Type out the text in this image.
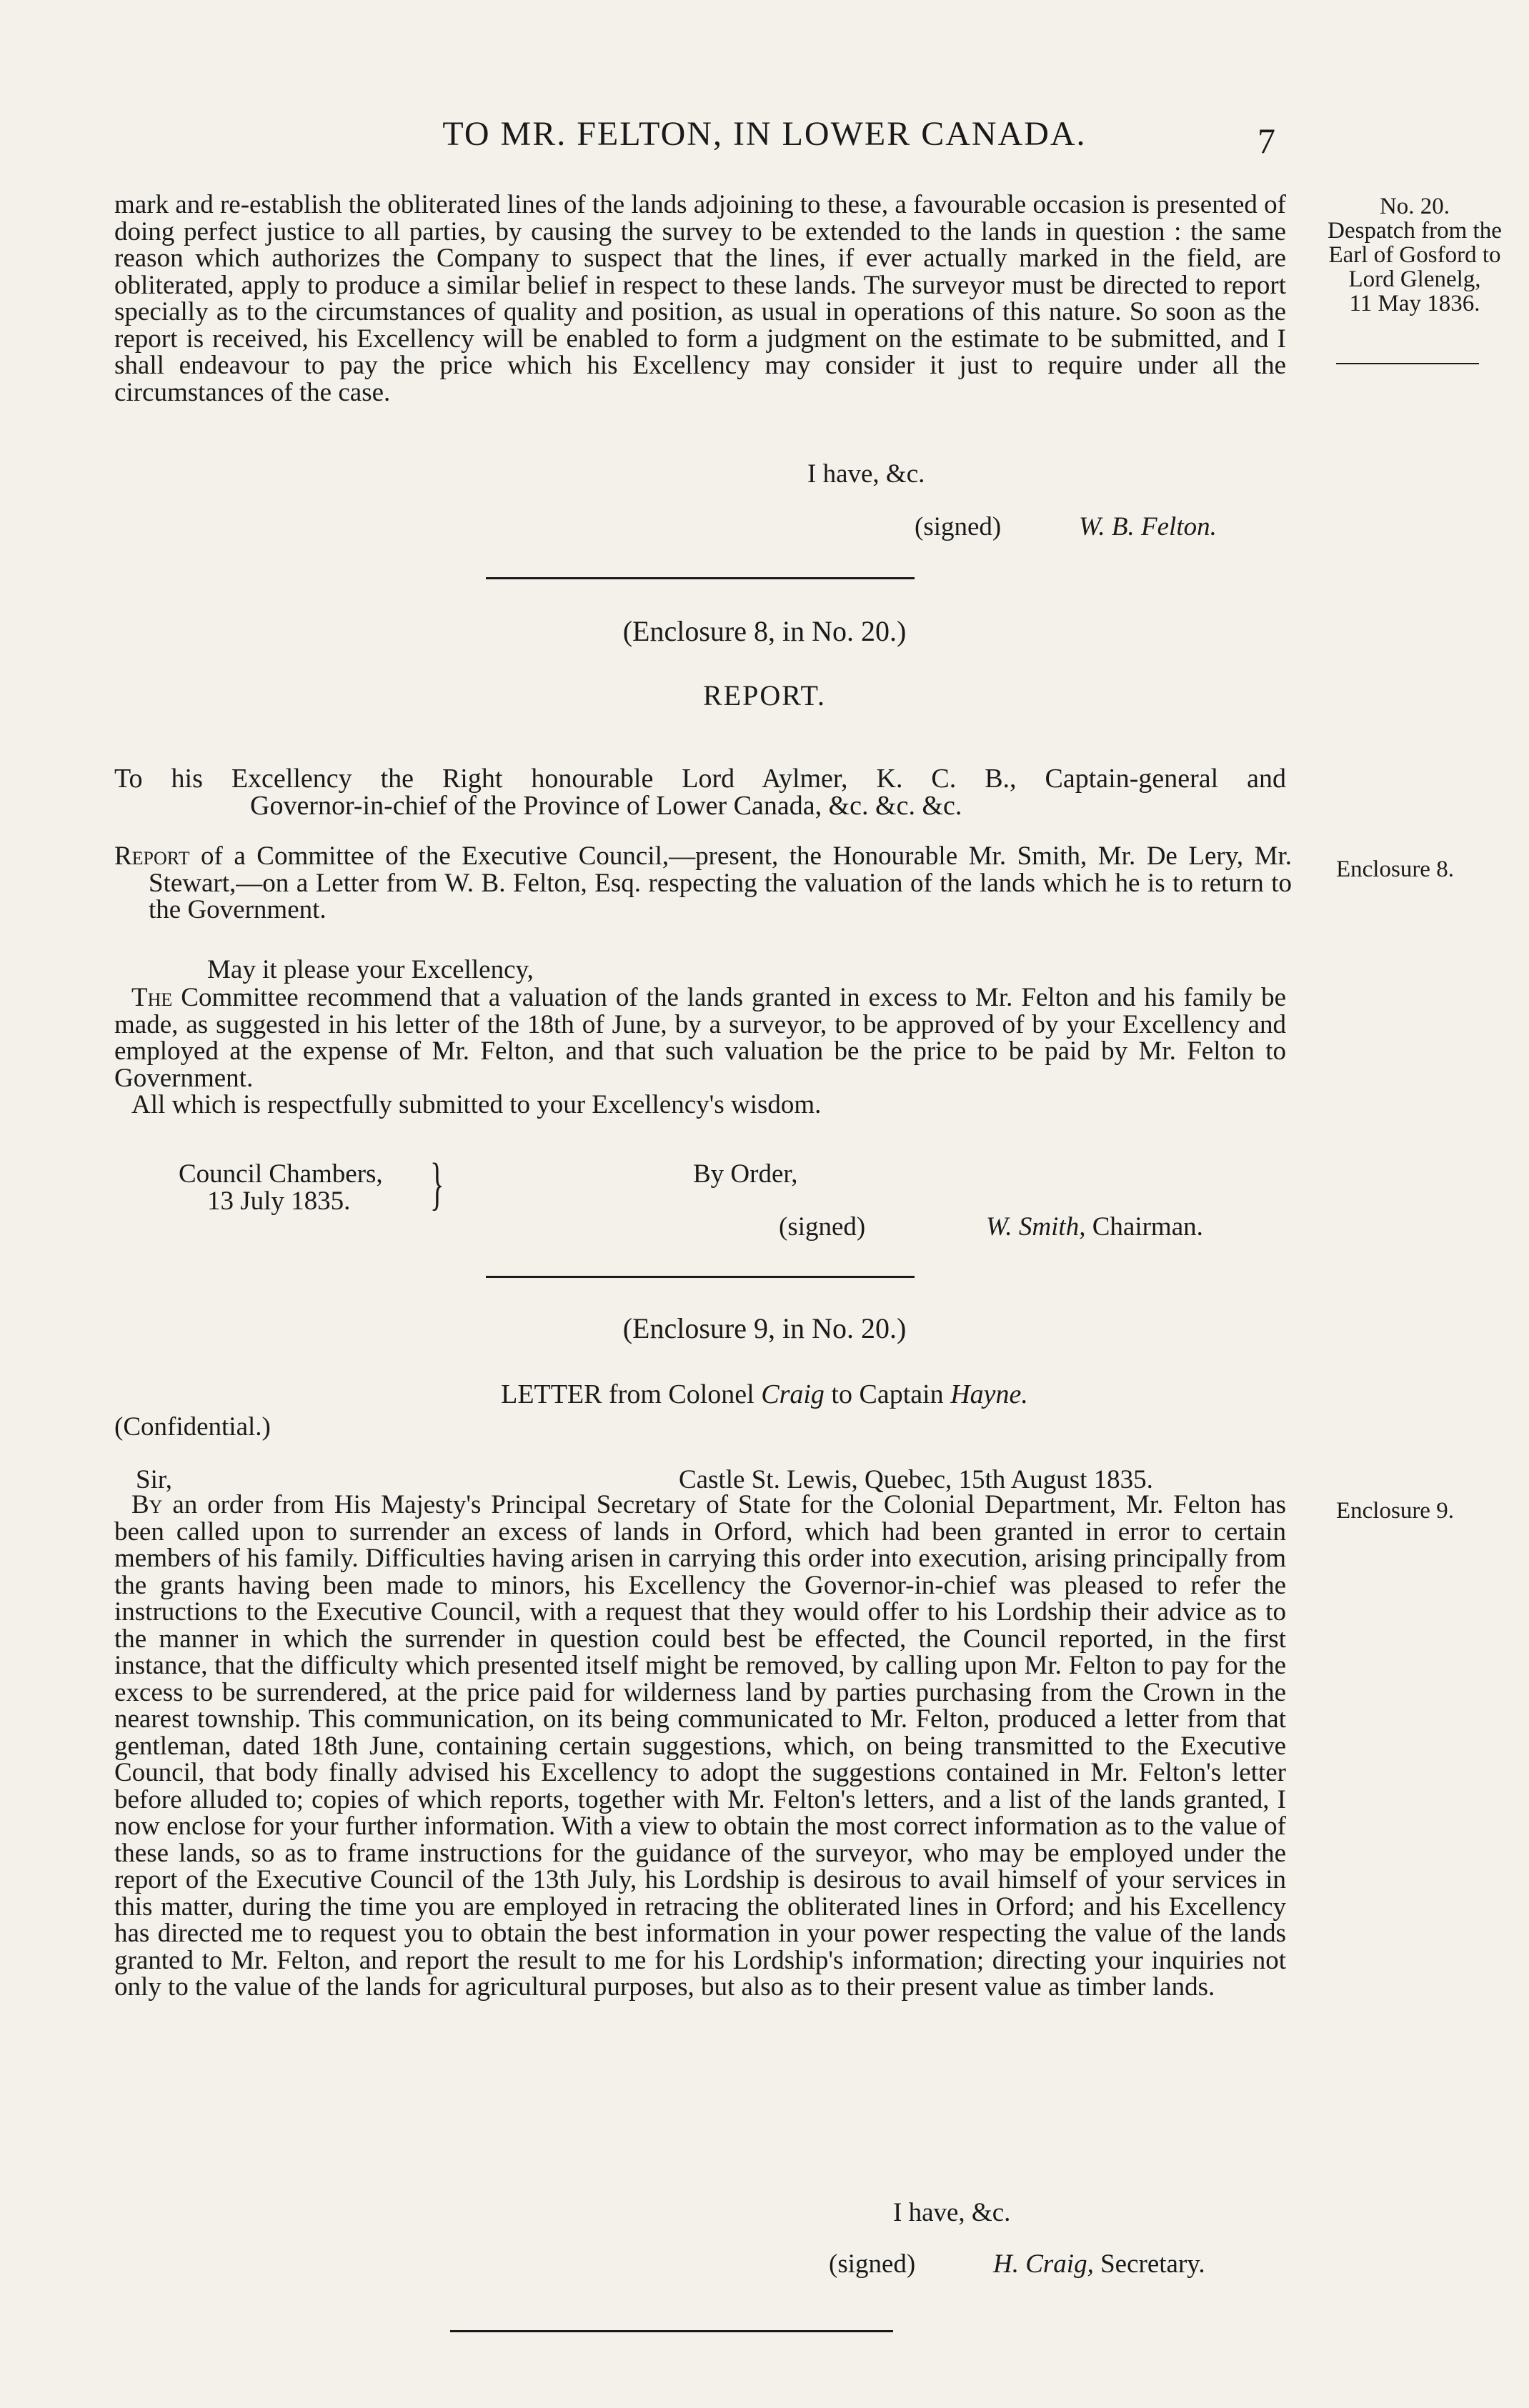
TO MR. FELTON, IN LOWER CANADA.	7
No. 20.
Despatch from the
Earl of Gosford to
Lord Glenelg,
11 May 1836.
Enclosure 8.
Enclosure 9.

mark and re-establish the obliterated lines of the lands adjoining to these, a favourable occasion is presented of doing perfect justice to all parties, by causing the survey to be extended to the lands in question : the same reason which authorizes the Company to suspect that the lines, if ever actually marked in the field, are obliterated, apply to produce a similar belief in respect to these lands. The surveyor must be directed to report specially as to the circumstances of quality and position, as usual in operations of this nature. So soon as the report is received, his Excellency will be enabled to form a judgment on the estimate to be submitted, and I shall endeavour to pay the price which his Excellency may consider it just to require under all the circumstances of the case.

I have, &c.
(signed)	W. B. Felton.
(Enclosure 8, in No. 20.)
REPORT.

To his Excellency the Right honourable Lord Aylmer, K. C. B., Captain-general and

Governor-in-chief of the Province of Lower Canada, &c. &c. &c.

Report of a Committee of the Executive Council,—present, the Honourable Mr. Smith, Mr. De Lery, Mr. Stewart,—on a Letter from W. B. Felton, Esq. respecting the valuation of the lands which he is to return to the Government.
May it please your Excellency,

The Committee recommend that a valuation of the lands granted in excess to Mr. Felton and his family be made, as suggested in his letter of the 18th of June, by a surveyor, to be approved of by your Excellency and employed at the expense of Mr. Felton, and that such valuation be the price to be paid by Mr. Felton to Government.

All which is respectfully submitted to your Excellency's wisdom.

Council Chambers,
13 July 1835. }	By Order,
(signed)	W. Smith, Chairman.
(Enclosure 9, in No. 20.)
LETTER from Colonel Craig to Captain Hayne.
(Confidential.)
Sir,	Castle St. Lewis, Quebec, 15th August 1835.

By an order from His Majesty's Principal Secretary of State for the Colonial Department, Mr. Felton has been called upon to surrender an excess of lands in Orford, which had been granted in error to certain members of his family. Difficulties having arisen in carrying this order into execution, arising principally from the grants having been made to minors, his Excellency the Governor-in-chief was pleased to refer the instructions to the Executive Council, with a request that they would offer to his Lordship their advice as to the manner in which the surrender in question could best be effected, the Council reported, in the first instance, that the difficulty which presented itself might be removed, by calling upon Mr. Felton to pay for the excess to be surrendered, at the price paid for wilderness land by parties purchasing from the Crown in the nearest township. This communication, on its being communicated to Mr. Felton, produced a letter from that gentleman, dated 18th June, containing certain suggestions, which, on being transmitted to the Executive Council, that body finally advised his Excellency to adopt the suggestions contained in Mr. Felton's letter before alluded to; copies of which reports, together with Mr. Felton's letters, and a list of the lands granted, I now enclose for your further information. With a view to obtain the most correct information as to the value of these lands, so as to frame instructions for the guidance of the surveyor, who may be employed under the report of the Executive Council of the 13th July, his Lordship is desirous to avail himself of your services in this matter, during the time you are employed in retracing the obliterated lines in Orford; and his Excellency has directed me to request you to obtain the best information in your power respecting the value of the lands granted to Mr. Felton, and report the result to me for his Lordship's information; directing your inquiries not only to the value of the lands for agricultural purposes, but also as to their present value as timber lands.

I have, &c.
(signed)	H. Craig, Secretary.
